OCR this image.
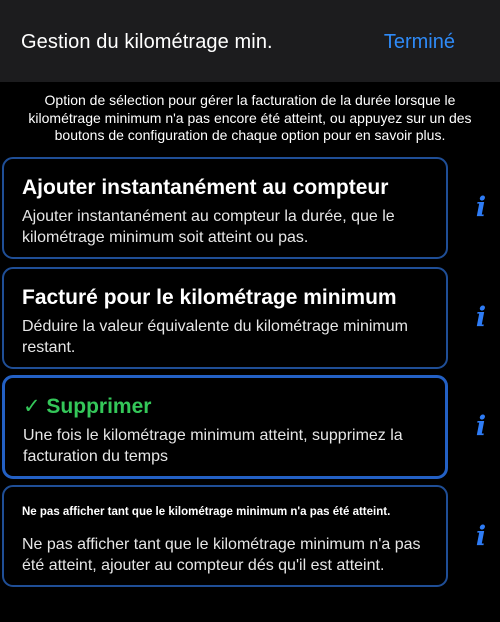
Gestion du kilométrage min.	Terminé
Option de sélection pour gérer la facturation de la durée lorsque le kilométrage minimum n'a pas encore été atteint, ou appuyez sur un des boutons de configuration de chaque option pour en savoir plus.
Ajouter instantanément au compteur
Ajouter instantanément au compteur la durée, que le kilométrage minimum soit atteint ou pas.
i
Facturé pour le kilométrage minimum
Déduire la valeur équivalente du kilométrage minimum restant.
i
✓ Supprimer
Une fois le kilométrage minimum atteint, supprimez la facturation du temps
i
Ne pas afficher tant que le kilométrage minimum n'a pas été atteint.
Ne pas afficher tant que le kilométrage minimum n'a pas été atteint, ajouter au compteur dés qu'il est atteint.
i
